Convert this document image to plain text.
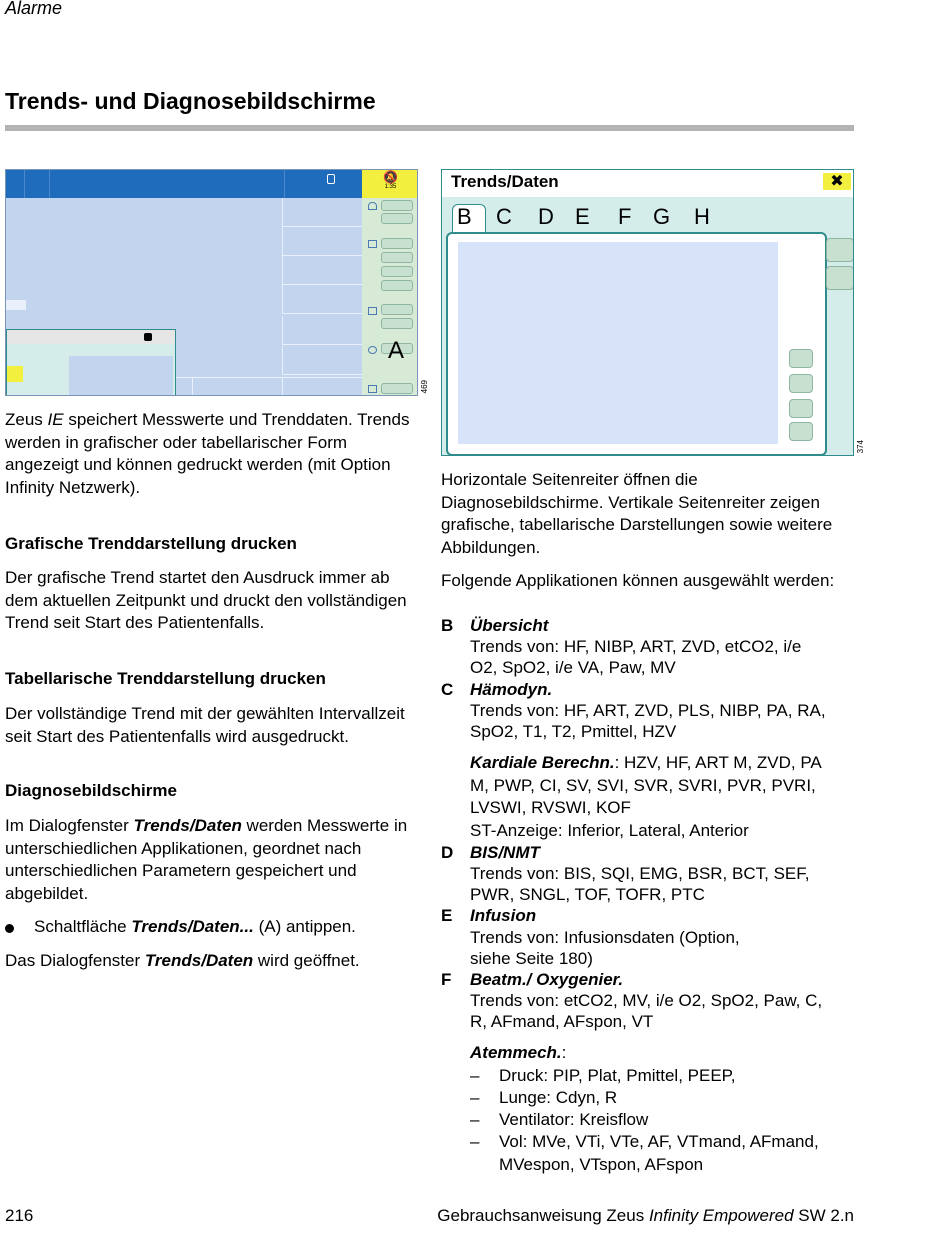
Alarme
Trends- und Diagnosebildschirme
🔕
1:35
A
469
Trends/Daten	✖
B C D E F G H
374
Zeus IE speichert Messwerte und Trenddaten. Trends werden in grafischer oder tabellarischer Form angezeigt und können gedruckt werden (mit Option Infinity Netzwerk).
Grafische Trenddarstellung drucken
Der grafische Trend startet den Ausdruck immer ab dem aktuellen Zeitpunkt und druckt den vollständigen Trend seit Start des Patientenfalls.
Tabellarische Trenddarstellung drucken
Der vollständige Trend mit der gewählten Intervallzeit seit Start des Patientenfalls wird ausgedruckt.
Diagnosebildschirme
Im Dialogfenster Trends/Daten werden Messwerte in unterschiedlichen Applikationen, geordnet nach unterschiedlichen Parametern gespeichert und abgebildet.
Schaltfläche Trends/Daten... (A) antippen.
Das Dialogfenster Trends/Daten wird geöffnet.
Horizontale Seitenreiter öffnen die Diagnosebildschirme. Vertikale Seitenreiter zeigen grafische, tabellarische Darstellungen sowie weitere Abbildungen.
Folgende Applikationen können ausgewählt werden:
B Übersicht
Trends von: HF, NIBP, ART, ZVD, etCO2, i/e
O2, SpO2, i/e VA, Paw, MV
C Hämodyn.
Trends von: HF, ART, ZVD, PLS, NIBP, PA, RA,
SpO2, T1, T2, Pmittel, HZV
Kardiale Berechn.: HZV, HF, ART M, ZVD, PA
M, PWP, CI, SV, SVI, SVR, SVRI, PVR, PVRI,
LVSWI, RVSWI, KOF
ST-Anzeige: Inferior, Lateral, Anterior
D BIS/NMT
Trends von: BIS, SQI, EMG, BSR, BCT, SEF,
PWR, SNGL, TOF, TOFR, PTC
E Infusion
Trends von: Infusionsdaten (Option,
siehe Seite 180)
F Beatm./ Oxygenier.
Trends von: etCO2, MV, i/e O2, SpO2, Paw, C,
R, AFmand, AFspon, VT
Atemmech.:
– Druck: PIP, Plat, Pmittel, PEEP,
– Lunge: Cdyn, R
– Ventilator: Kreisflow
– Vol: MVe, VTi, VTe, AF, VTmand, AFmand,
MVespon, VTspon, AFspon
216	Gebrauchsanweisung Zeus Infinity Empowered SW 2.n
